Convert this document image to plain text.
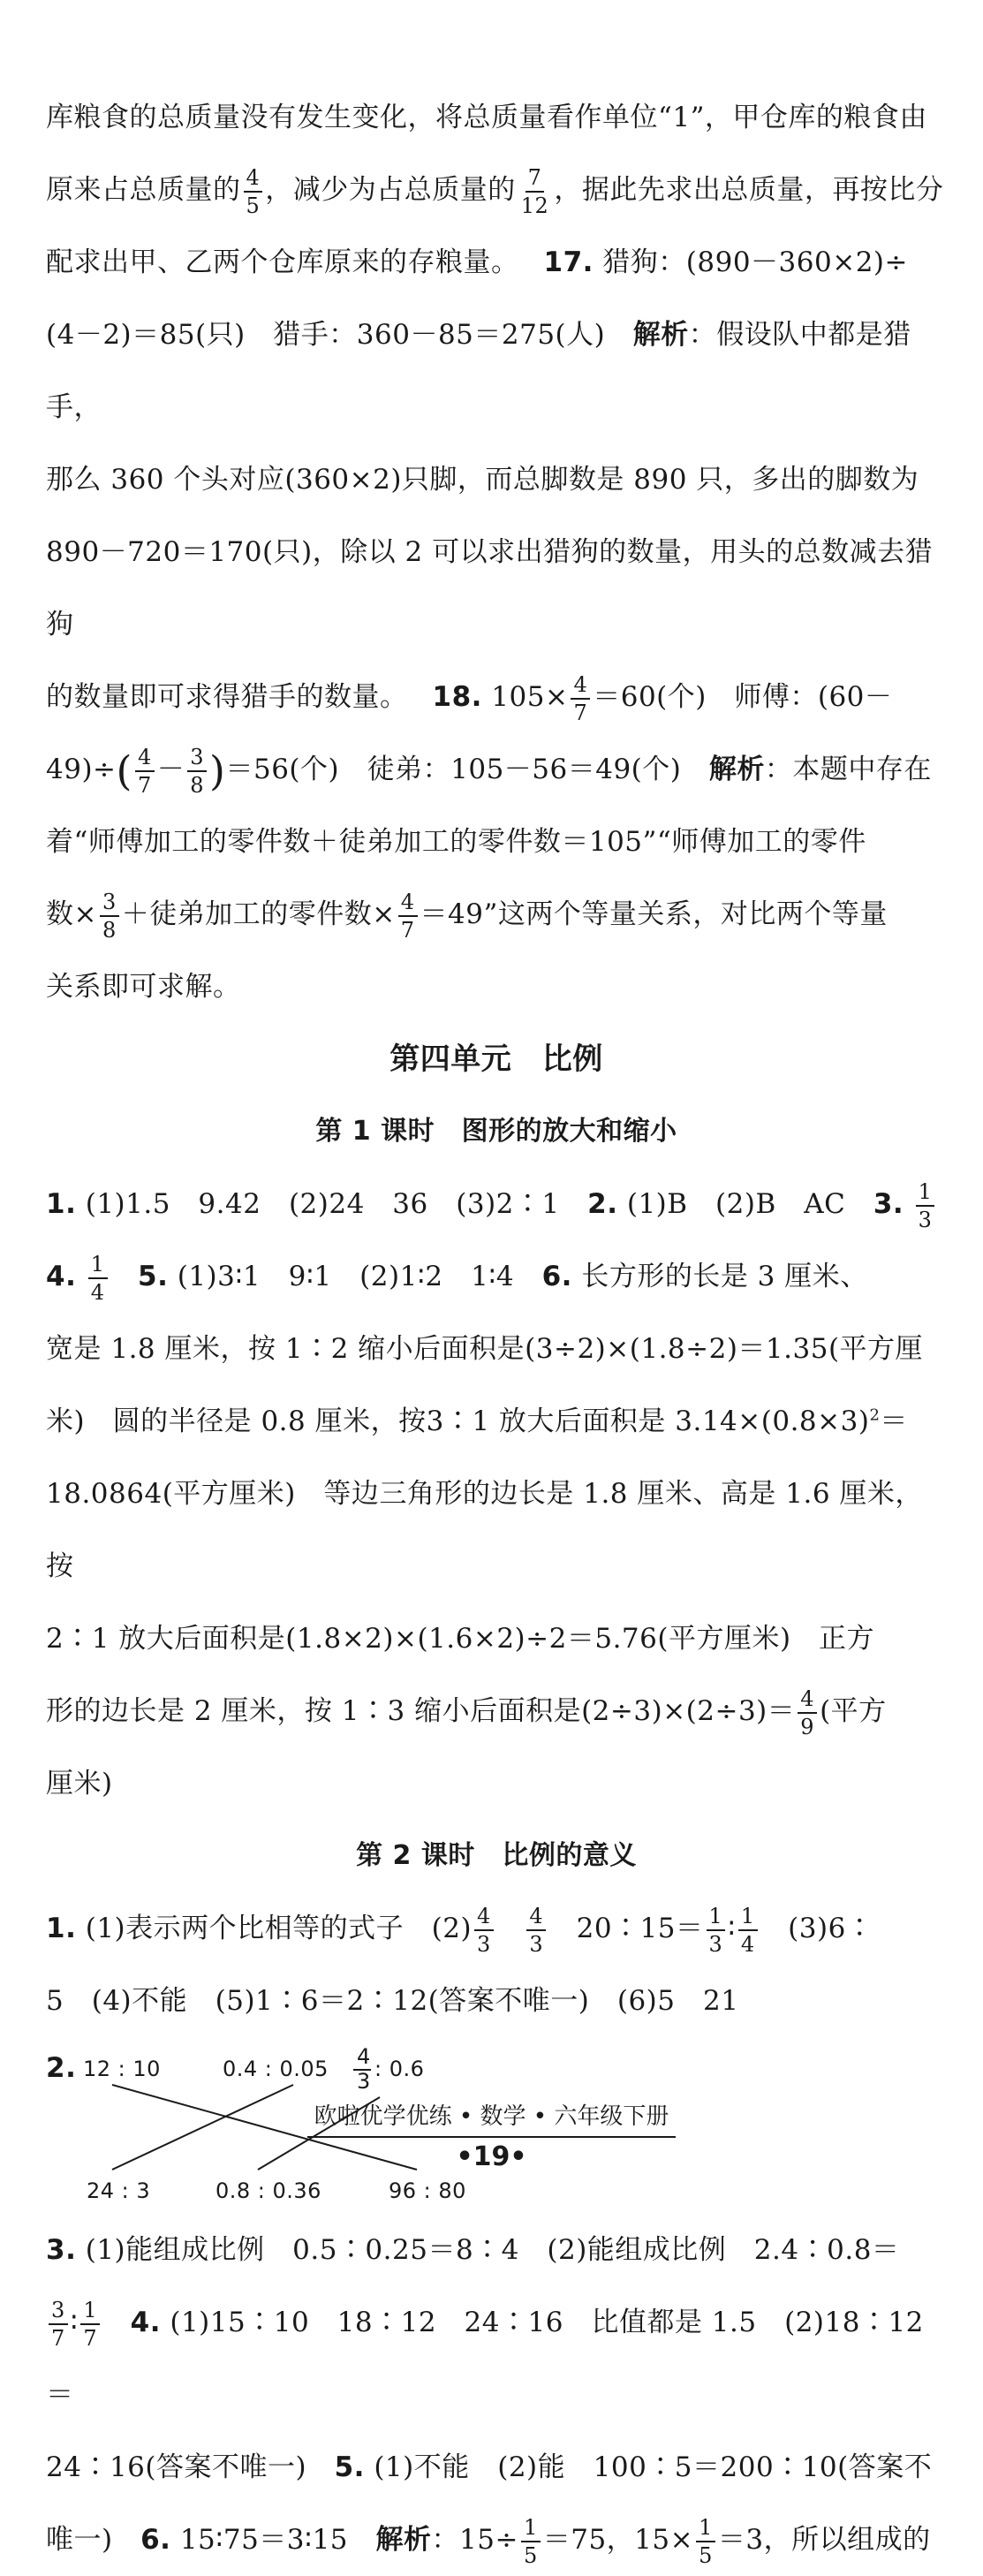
库粮食的总质量没有发生变化，将总质量看作单位“1”，甲仓库的粮食由

原来占总质量的 $\frac{4}{5}$ ，减少为占总质量的 $\frac{7}{12}$ ，据此先求出总质量，再按比分

配求出甲、乙两个仓库原来的存粮量。 17. 猎狗：(890－360×2)÷

(4－2)＝85(只)　猎手：360－85＝275(人)　 解析：假设队中都是猎手，

那么 360 个头对应(360×2)只脚，而总脚数是 890 只，多出的脚数为

890－720＝170(只)，除以 2 可以求出猎狗的数量，用头的总数减去猎狗

的数量即可求得猎手的数量。 18. $105\times \frac{4}{7} =60$(个)　师傅：(60－

$49)\div( \frac{4}{7} - \frac{3}{8} )=56$(个)　徒弟：105－56＝49(个)　 解析：本题中存在

着“师傅加工的零件数＋徒弟加工的零件数＝105”“师傅加工的零件

数× $\frac{3}{8}$ ＋徒弟加工的零件数× $\frac{4}{7} =49$”这两个等量关系，对比两个等量

关系即可求解。

第四单元　比例

第 1 课时　图形的放大和缩小

1. (1)1.5　9.42　(2)24　36　(3)2∶1　 2. (1)B　(2)B　AC　 3. $\frac{1}{3}$

4. $\frac{1}{4}$
　 5. (1)3∶1　9∶1　(2)1∶2　1∶4　 6. 长方形的长是 3 厘米、

宽是 1.8 厘米，按 1∶2 缩小后面积是(3÷2)×(1.8÷2)＝1.35(平方厘

米)　圆的半径是 0.8 厘米，按3∶1 放大后面积是 $3.14\times(0.8\times 3)^2=$

18.0864(平方厘米)　等边三角形的边长是 1.8 厘米、高是 1.6 厘米，按

2∶1 放大后面积是(1.8×2)×(1.6×2)÷2＝5.76(平方厘米)　正方

形的边长是 2 厘米，按 1∶3 缩小后面积是$(2\div 3)\times(2\div 3)= \frac{4}{9}$ (平方

厘米)

第 2 课时　比例的意义

1. (1)表示两个比相等的式子　$(2) \frac{4}{3}$
　 $\frac{4}{3}$
　 20∶15＝ $\frac{1}{3}$ ∶ $\frac{1}{4}$
　 (3)6∶

5　(4)不能　(5)1∶6＝2∶12(答案不唯一)　(6)5　21

2. 12 : 10	0.4 : 0.05 4
3 : 0.6
24 : 3	0.8 : 0.36	96 : 80

3. (1)能组成比例　0.5∶0.25＝8∶4　(2)能组成比例　2.4∶0.8＝

$\frac{3}{7}$ ∶ $\frac{1}{7}$
　 4. (1)15∶10　18∶12　24∶16　比值都是 1.5　(2)18∶12＝

24∶16(答案不唯一)　 5. (1)不能　(2)能　100∶5＝200∶10(答案不

唯一)　 6. 15∶75＝3∶15　 解析：$15\div \frac{1}{5} =75$，$15\times \frac{1}{5} =3$，所以组成的

欧啦优学优练 • 数学 • 六年级下册
•19•
